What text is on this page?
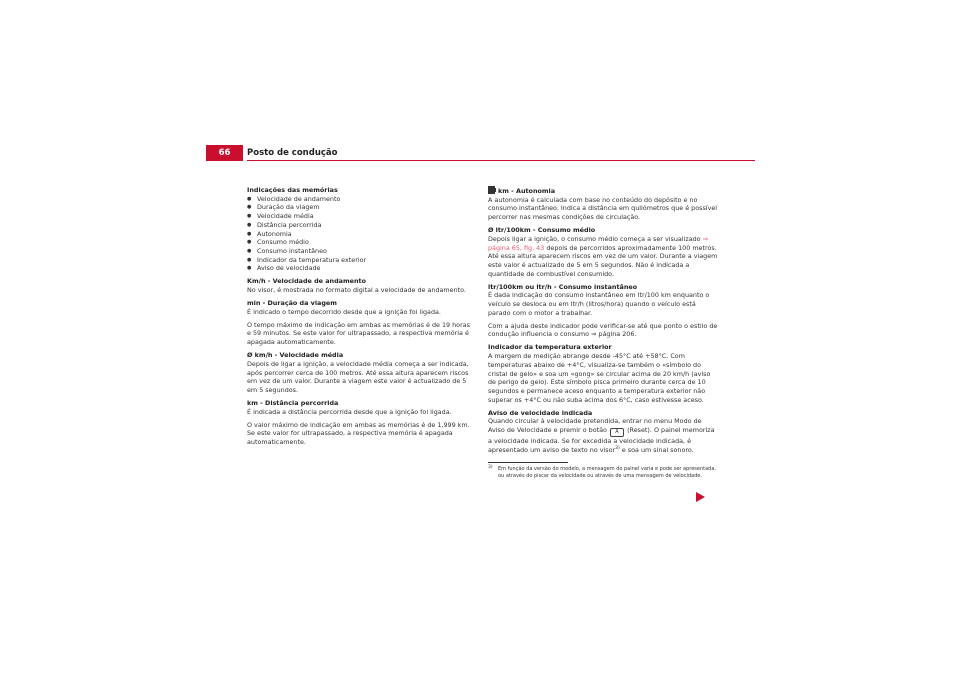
66	Posto de condução

Indicações das memórias

● Velocidade de andamento
● Duração da viagem
● Velocidade média
● Distância percorrida
● Autonomia
● Consumo médio
● Consumo instantâneo
● Indicador da temperatura exterior
● Aviso de velocidade

Km/h - Velocidade de andamento

No visor, é mostrada no formato digital a velocidade de andamento.

min - Duração da viagem

É indicado o tempo decorrido desde que a ignição foi ligada.

O tempo máximo de indicação em ambas as memórias é de 19 horas e 59 minutos. Se este valor for ultrapassado, a respectiva memória é apagada automaticamente.

Ø km/h - Velocidade média

Depois de ligar a ignição, a velocidade média começa a ser indicada, após percorrer cerca de 100 metros. Até essa altura aparecem riscos em vez de um valor. Durante a viagem este valor é actualizado de 5 em 5 segundos.

km - Distância percorrida

É indicada a distância percorrida desde que a ignição foi ligada.

O valor máximo de indicação em ambas as memórias é de 1,999 km. Se este valor for ultrapassado, a respectiva memória é apagada automaticamente.

km - Autonomia

A autonomia é calculada com base no conteúdo do depósito e no consumo instantâneo. Indica a distância em quilómetros que é possível percorrer nas mesmas condições de circulação.

Ø ltr/100km - Consumo médio

Depois ligar a ignição, o consumo médio começa a ser visualizado ⇒ página 65, fig. 43 depois de percorridos aproximadamente 100 metros. Até essa altura aparecem riscos em vez de um valor. Durante a viagem este valor é actualizado de 5 em 5 segundos. Não é indicada a quantidade de combustível consumido.

ltr/100km ou ltr/h - Consumo instantâneo

É dada indicação do consumo instantâneo em ltr/100 km enquanto o veículo se desloca ou em ltr/h (litros/hora) quando o veículo está parado com o motor a trabalhar.

Com a ajuda deste indicador pode verificar-se até que ponto o estilo de condução influencia o consumo ⇒ página 206.

Indicador da temperatura exterior

A margem de medição abrange desde -45°C até +58°C. Com temperaturas abaixo de +4°C, visualiza-se também o «símbolo do cristal de gelo» e soa um «gong» se circular acima de 20 km/h (aviso de perigo de gelo). Este símbolo pisca primeiro durante cerca de 10 segundos e permanece aceso enquanto a temperatura exterior não superar os +4°C ou não suba acima dos 6°C, caso estivesse aceso.

Aviso de velocidade indicada

Quando circular à velocidade pretendida, entrar no menu Modo de Aviso de Velocidade e premir o botão A (Reset). O painel memoriza a velocidade indicada. Se for excedida a velocidade indicada, é apresentado um aviso de texto no visor$^{3)}$ e soa um sinal sonoro.

3) Em função da versão do modelo, a mensagem do painel varia e pode ser apresentada, ou através do piscar da velocidade ou através de uma mensagem de velocidade.
